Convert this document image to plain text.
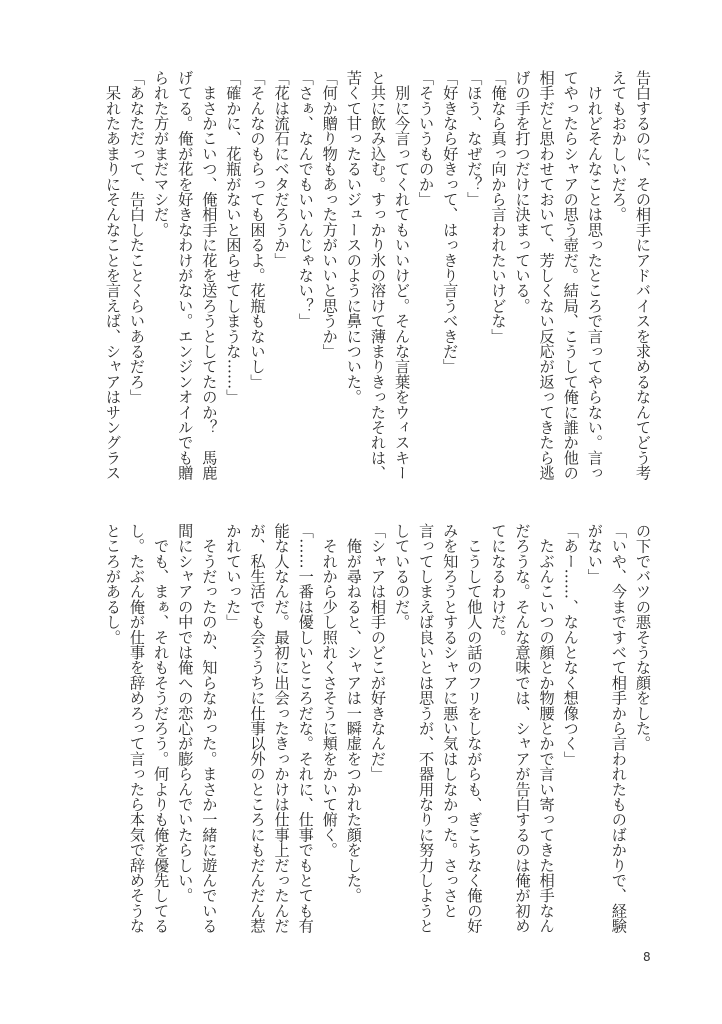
告白するのに、その相手にアドバイスを求めるなんてどう考
えてもおかしいだろ。
　けれどそんなことは思ったところで言ってやらない。言っ
てやったらシャアの思う壺だ。結局、こうして俺に誰か他の
相手だと思わせておいて、芳しくない反応が返ってきたら逃
げの手を打つだけに決まっている。
「俺なら真っ向から言われたいけどな」
「ほう、なぜだ？」
「好きなら好きって、はっきり言うべきだ」
「そういうものか」
　別に今言ってくれてもいいけど。そんな言葉をウィスキー
と共に飲み込む。すっかり氷の溶けて薄まりきったそれは、
苦くて甘ったるいジュースのように鼻についた。
「何か贈り物もあった方がいいと思うか」
「さぁ、なんでもいいんじゃない？」
「花は流石にベタだろうか」
「そんなのもらっても困るよ。花瓶もないし」
「確かに、花瓶がないと困らせてしまうな……」
　まさかこいつ、俺相手に花を送ろうとしてたのか？　馬鹿
げてる。俺が花を好きなわけがない。エンジンオイルでも贈
られた方がまだマシだ。
「あなただって、告白したことくらいあるだろ」
　呆れたあまりにそんなことを言えば、シャアはサングラス
の下でバツの悪そうな顔をした。
「いや、今まですべて相手から言われたものばかりで、経験
がない」
「あー……、なんとなく想像つく」
　たぶんこいつの顔とか物腰とかで言い寄ってきた相手なん
だろうな。そんな意味では、シャアが告白するのは俺が初め
てになるわけだ。
　こうして他人の話のフリをしながらも、ぎこちなく俺の好
みを知ろうとするシャアに悪い気はしなかった。さっさと
言ってしまえば良いとは思うが、不器用なりに努力しようと
しているのだ。
「シャアは相手のどこが好きなんだ」
　俺が尋ねると、シャアは一瞬虚をつかれた顔をした。
　それから少し照れくさそうに頬をかいて俯く。
「……一番は優しいところだな。それに、仕事でもとても有
能な人なんだ。最初に出会ったきっかけは仕事上だったんだ
が、私生活でも会ううちに仕事以外のところにもだんだん惹
かれていった」
　そうだったのか、知らなかった。まさか一緒に遊んでいる
間にシャアの中では俺への恋心が膨らんでいたらしい。
　でも、まぁ、それもそうだろう。何よりも俺を優先してる
し。たぶん俺が仕事を辞めろって言ったら本気で辞めそうな
ところがあるし。
8
